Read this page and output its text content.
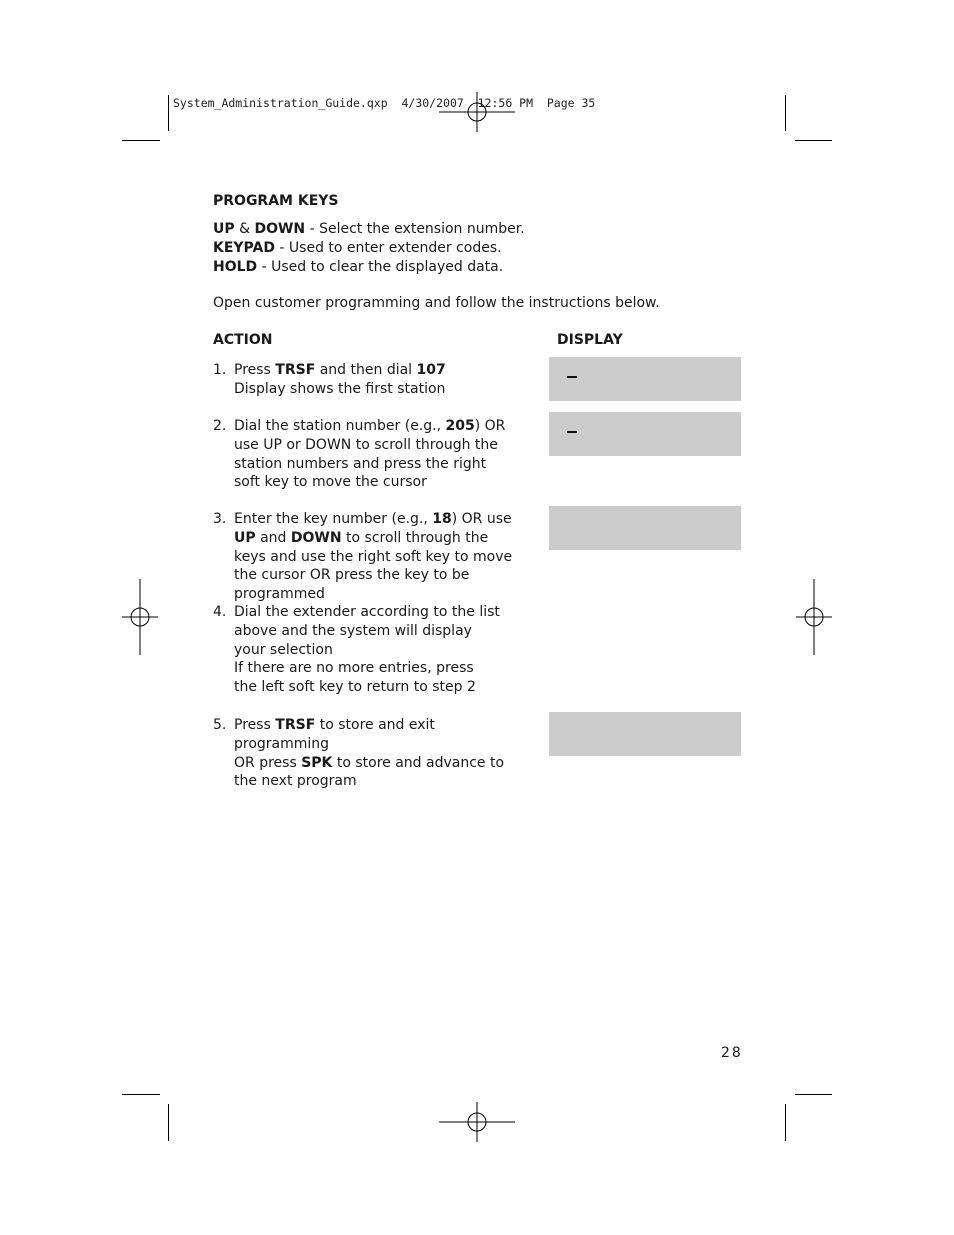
System_Administration_Guide.qxp  4/30/2007  12:56 PM  Page 35
PROGRAM KEYS
UP & DOWN - Select the extension number.
KEYPAD - Used to enter extender codes.
HOLD - Used to clear the displayed data.
Open customer programming and follow the instructions below.
ACTION	DISPLAY
1. Press TRSF and then dial 107
Display shows the first station
2. Dial the station number (e.g., 205) OR use UP or DOWN to scroll through the station numbers and press the right soft key to move the cursor
3. Enter the key number (e.g., 18) OR use UP and DOWN to scroll through the keys and use the right soft key to move the cursor OR press the key to be programmed
4. Dial the extender according to the list above and the system will display your selection
If there are no more entries, press
the left soft key to return to step 2
5. Press TRSF to store and exit programming
OR press SPK to store and advance to the next program
28
